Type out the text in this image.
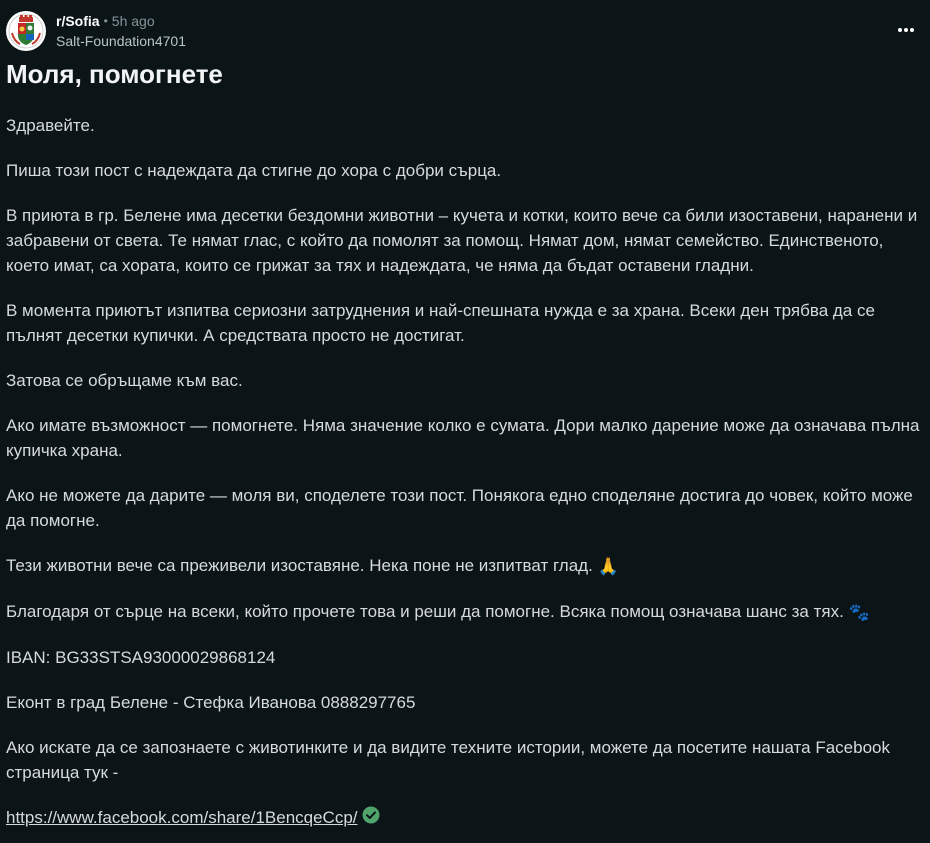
r/Sofia • 5h ago
Salt-Foundation4701
Моля, помогнете

Здравейте.

Пиша този пост с надеждата да стигне до хора с добри сърца.

В приюта в гр. Белене има десетки бездомни животни – кучета и котки, които вече са били изоставени, наранени и забравени от света. Те нямат глас, с който да помолят за помощ. Нямат дом, нямат семейство. Единственото, което имат, са хората, които се грижат за тях и надеждата, че няма да бъдат оставени гладни.

В момента приютът изпитва сериозни затруднения и най-спешната нужда е за храна. Всеки ден трябва да се пълнят десетки купички. А средствата просто не достигат.

Затова се обръщаме към вас.

Ако имате възможност — помогнете. Няма значение колко е сумата. Дори малко дарение може да означава пълна купичка храна.

Ако не можете да дарите — моля ви, споделете този пост. Понякога едно споделяне достига до човек, който може да помогне.

Тези животни вече са преживели изоставяне. Нека поне не изпитват глад. 🙏

Благодаря от сърце на всеки, който прочете това и реши да помогне. Всяка помощ означава шанс за тях. 🐾

IBAN: BG33STSA93000029868124

Еконт в град Белене - Стефка Иванова 0888297765

Ако искате да се запознаете с животинките и да видите техните истории, можете да посетите нашата Facebook страница тук -

https://www.facebook.com/share/1BencqeCcp/
